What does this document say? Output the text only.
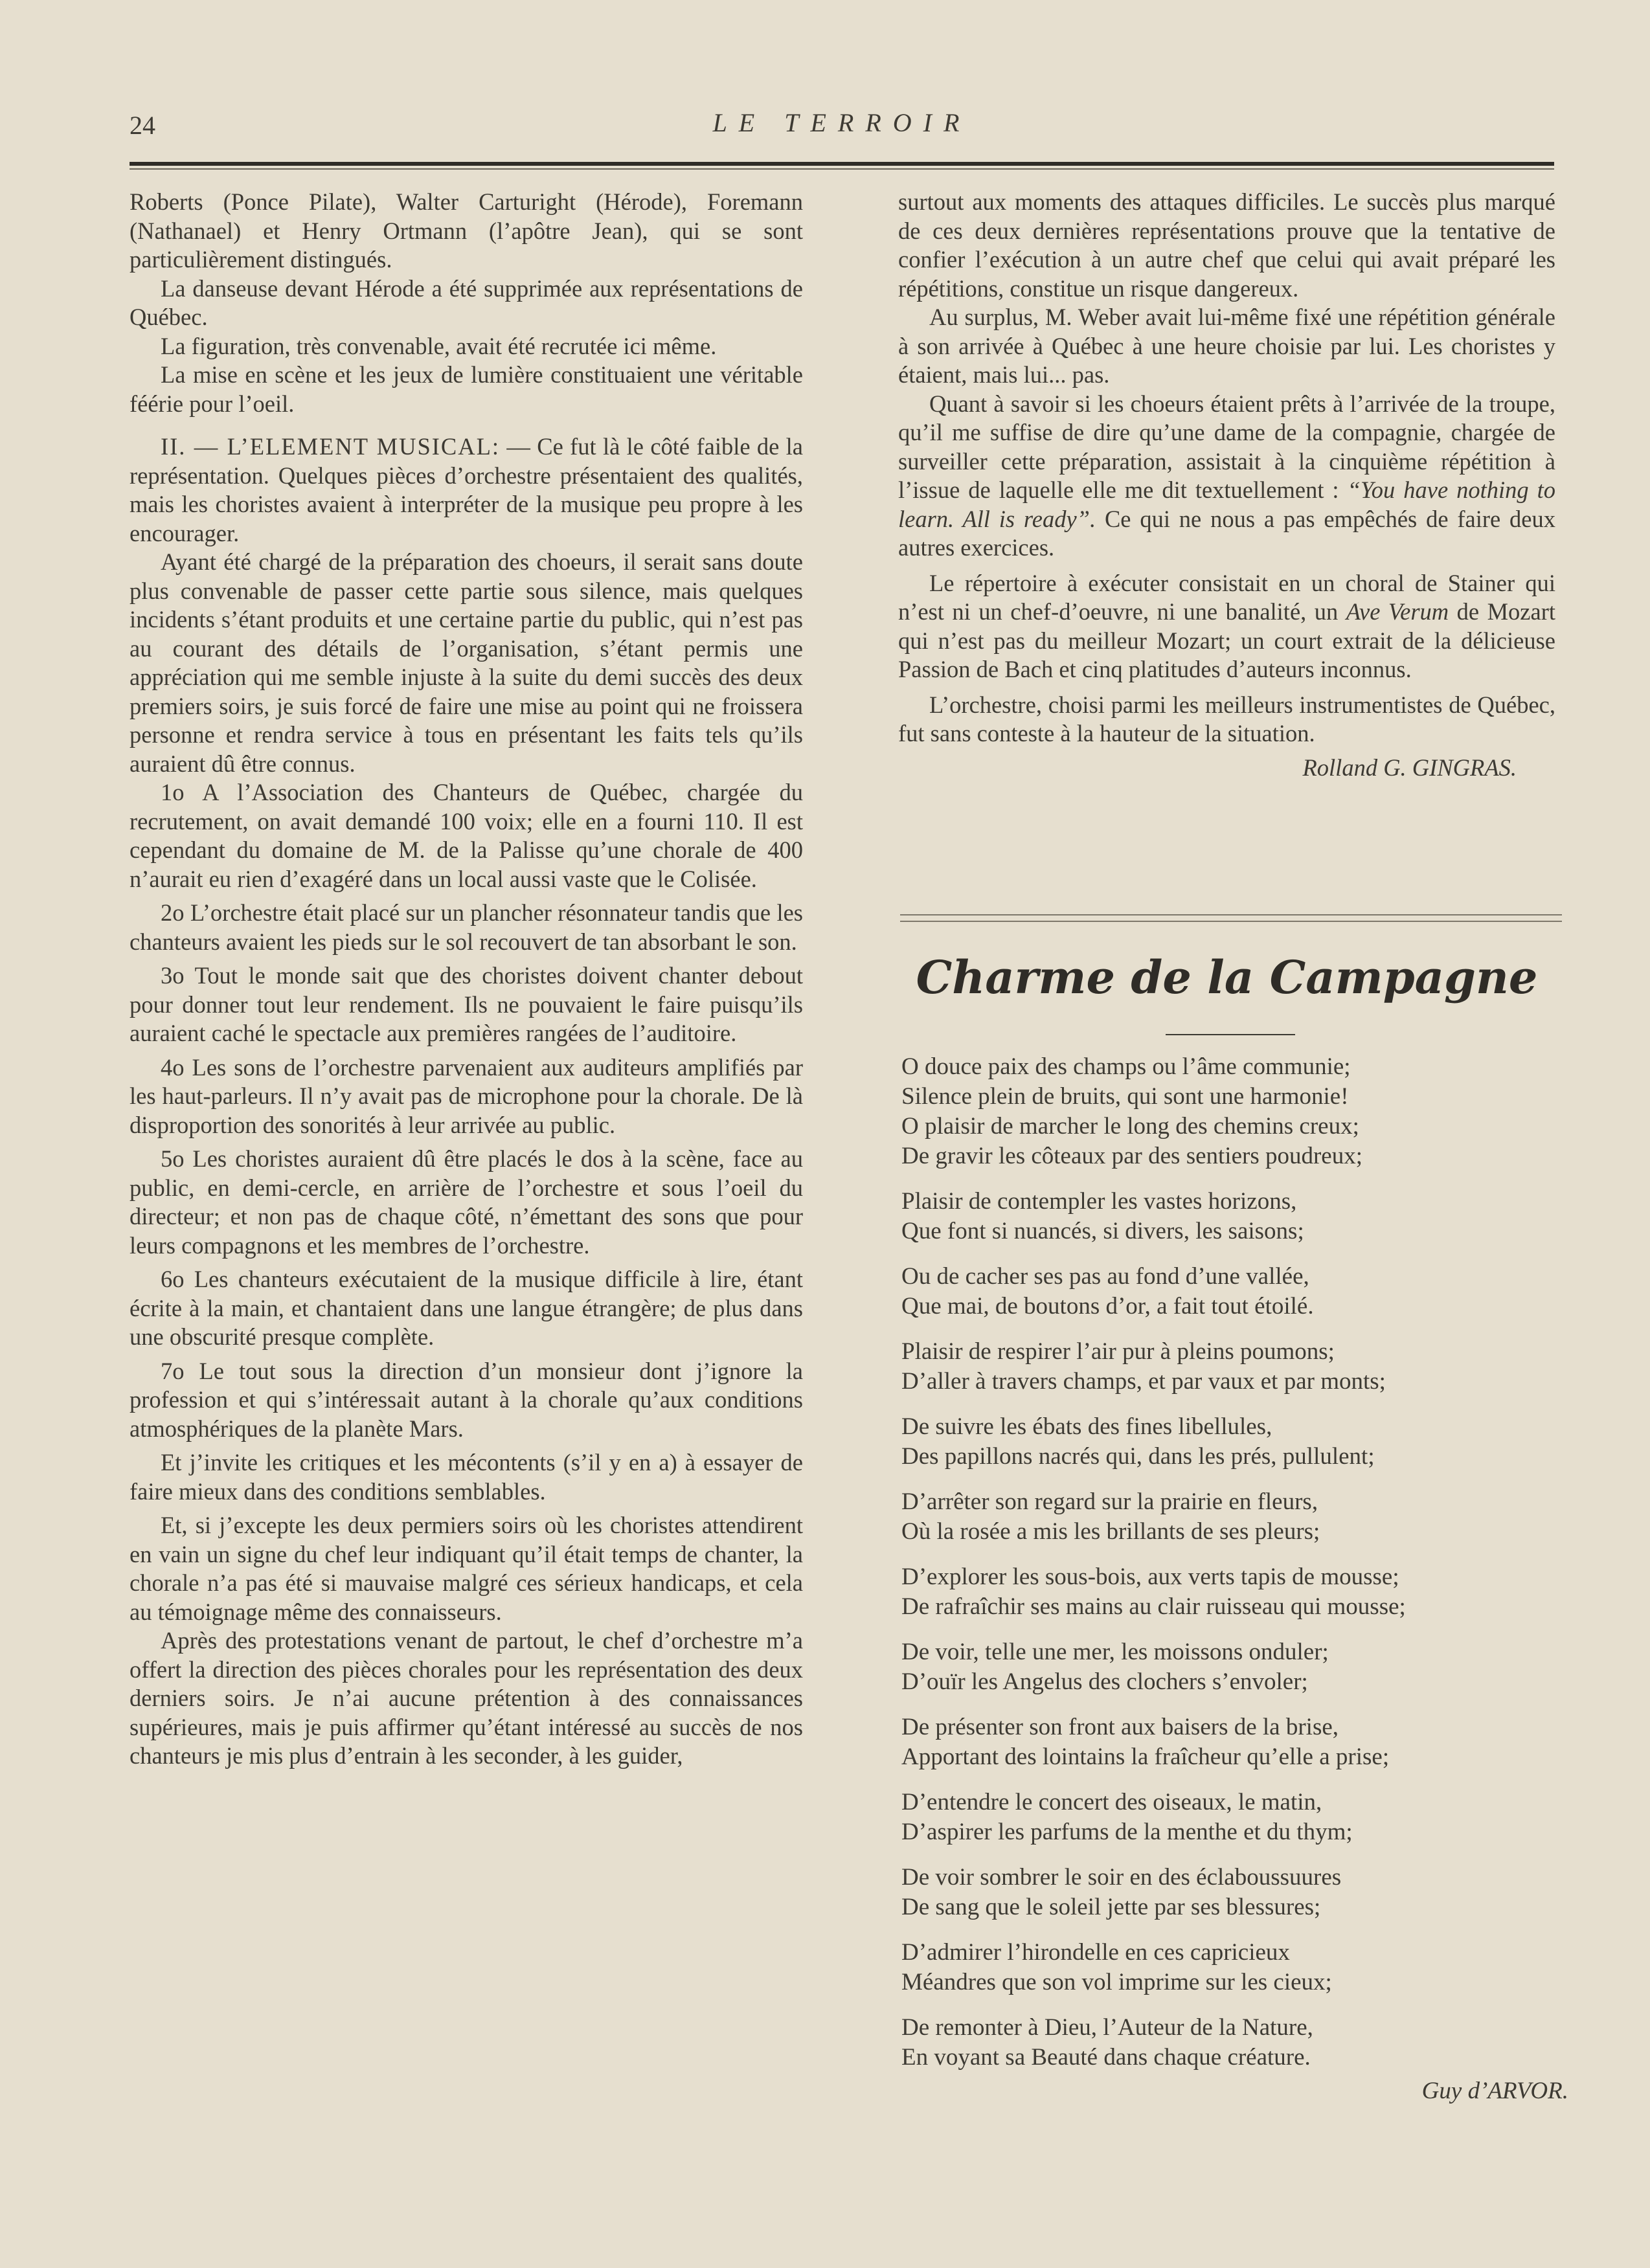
24	LE TERROIR

Roberts (Ponce Pilate), Walter Carturight (Hérode), Foremann (Nathanael) et Henry Ortmann (l’apôtre Jean), qui se sont particulièrement distingués.

La danseuse devant Hérode a été supprimée aux représentations de Québec.

La figuration, très convenable, avait été recrutée ici même.

La mise en scène et les jeux de lumière constituaient une véritable féérie pour l’oeil.

II. — L’ELEMENT MUSICAL: — Ce fut là le côté faible de la représentation. Quelques pièces d’orchestre présentaient des qualités, mais les choristes avaient à interpréter de la musique peu propre à les encourager.

Ayant été chargé de la préparation des choeurs, il serait sans doute plus convenable de passer cette partie sous silence, mais quelques incidents s’étant produits et une certaine partie du public, qui n’est pas au courant des détails de l’organisation, s’étant permis une appréciation qui me semble injuste à la suite du demi succès des deux premiers soirs, je suis forcé de faire une mise au point qui ne froissera personne et rendra service à tous en présentant les faits tels qu’ils auraient dû être connus.

1o A l’Association des Chanteurs de Québec, chargée du recrutement, on avait demandé 100 voix; elle en a fourni 110. Il est cependant du domaine de M. de la Palisse qu’une chorale de 400 n’aurait eu rien d’exagéré dans un local aussi vaste que le Colisée.

2o L’orchestre était placé sur un plancher résonnateur tandis que les chanteurs avaient les pieds sur le sol recouvert de tan absorbant le son.

3o Tout le monde sait que des choristes doivent chanter debout pour donner tout leur rendement. Ils ne pouvaient le faire puisqu’ils auraient caché le spectacle aux premières rangées de l’auditoire.

4o Les sons de l’orchestre parvenaient aux auditeurs amplifiés par les haut-parleurs. Il n’y avait pas de microphone pour la chorale. De là disproportion des sonorités à leur arrivée au public.

5o Les choristes auraient dû être placés le dos à la scène, face au public, en demi-cercle, en arrière de l’orchestre et sous l’oeil du directeur; et non pas de chaque côté, n’émettant des sons que pour leurs compagnons et les membres de l’orchestre.

6o Les chanteurs exécutaient de la musique difficile à lire, étant écrite à la main, et chantaient dans une langue étrangère; de plus dans une obscurité presque complète.

7o Le tout sous la direction d’un monsieur dont j’ignore la profession et qui s’intéressait autant à la chorale qu’aux conditions atmosphériques de la planète Mars.

Et j’invite les critiques et les mécontents (s’il y en a) à essayer de faire mieux dans des conditions semblables.

Et, si j’excepte les deux permiers soirs où les choristes attendirent en vain un signe du chef leur indiquant qu’il était temps de chanter, la chorale n’a pas été si mauvaise malgré ces sérieux handicaps, et cela au témoignage même des connaisseurs.

Après des protestations venant de partout, le chef d’orchestre m’a offert la direction des pièces chorales pour les représentation des deux derniers soirs. Je n’ai aucune prétention à des connaissances supérieures, mais je puis affirmer qu’étant intéressé au succès de nos chanteurs je mis plus d’entrain à les seconder, à les guider,

surtout aux moments des attaques difficiles. Le succès plus marqué de ces deux dernières représentations prouve que la tentative de confier l’exécution à un autre chef que celui qui avait préparé les répétitions, constitue un risque dangereux.

Au surplus, M. Weber avait lui-même fixé une répétition générale à son arrivée à Québec à une heure choisie par lui. Les choristes y étaient, mais lui... pas.

Quant à savoir si les choeurs étaient prêts à l’arrivée de la troupe, qu’il me suffise de dire qu’une dame de la compagnie, chargée de surveiller cette préparation, assistait à la cinquième répétition à l’issue de laquelle elle me dit textuellement : “You have nothing to learn. All is ready”. Ce qui ne nous a pas empêchés de faire deux autres exercices.

Le répertoire à exécuter consistait en un choral de Stainer qui n’est ni un chef-d’oeuvre, ni une banalité, un Ave Verum de Mozart qui n’est pas du meilleur Mozart; un court extrait de la délicieuse Passion de Bach et cinq platitudes d’auteurs inconnus.

L’orchestre, choisi parmi les meilleurs instrumentistes de Québec, fut sans conteste à la hauteur de la situation.

Rolland G. GINGRAS.
Charme de la Campagne
O douce paix des champs ou l’âme communie;
Silence plein de bruits, qui sont une harmonie!
O plaisir de marcher le long des chemins creux;
De gravir les côteaux par des sentiers poudreux;
Plaisir de contempler les vastes horizons,
Que font si nuancés, si divers, les saisons;
Ou de cacher ses pas au fond d’une vallée,
Que mai, de boutons d’or, a fait tout étoilé.
Plaisir de respirer l’air pur à pleins poumons;
D’aller à travers champs, et par vaux et par monts;
De suivre les ébats des fines libellules,
Des papillons nacrés qui, dans les prés, pullulent;
D’arrêter son regard sur la prairie en fleurs,
Où la rosée a mis les brillants de ses pleurs;
D’explorer les sous-bois, aux verts tapis de mousse;
De rafraîchir ses mains au clair ruisseau qui mousse;
De voir, telle une mer, les moissons onduler;
D’ouïr les Angelus des clochers s’envoler;
De présenter son front aux baisers de la brise,
Apportant des lointains la fraîcheur qu’elle a prise;
D’entendre le concert des oiseaux, le matin,
D’aspirer les parfums de la menthe et du thym;
De voir sombrer le soir en des éclaboussuures
De sang que le soleil jette par ses blessures;
D’admirer l’hirondelle en ces capricieux
Méandres que son vol imprime sur les cieux;
De remonter à Dieu, l’Auteur de la Nature,
En voyant sa Beauté dans chaque créature.
Guy d’ARVOR.
